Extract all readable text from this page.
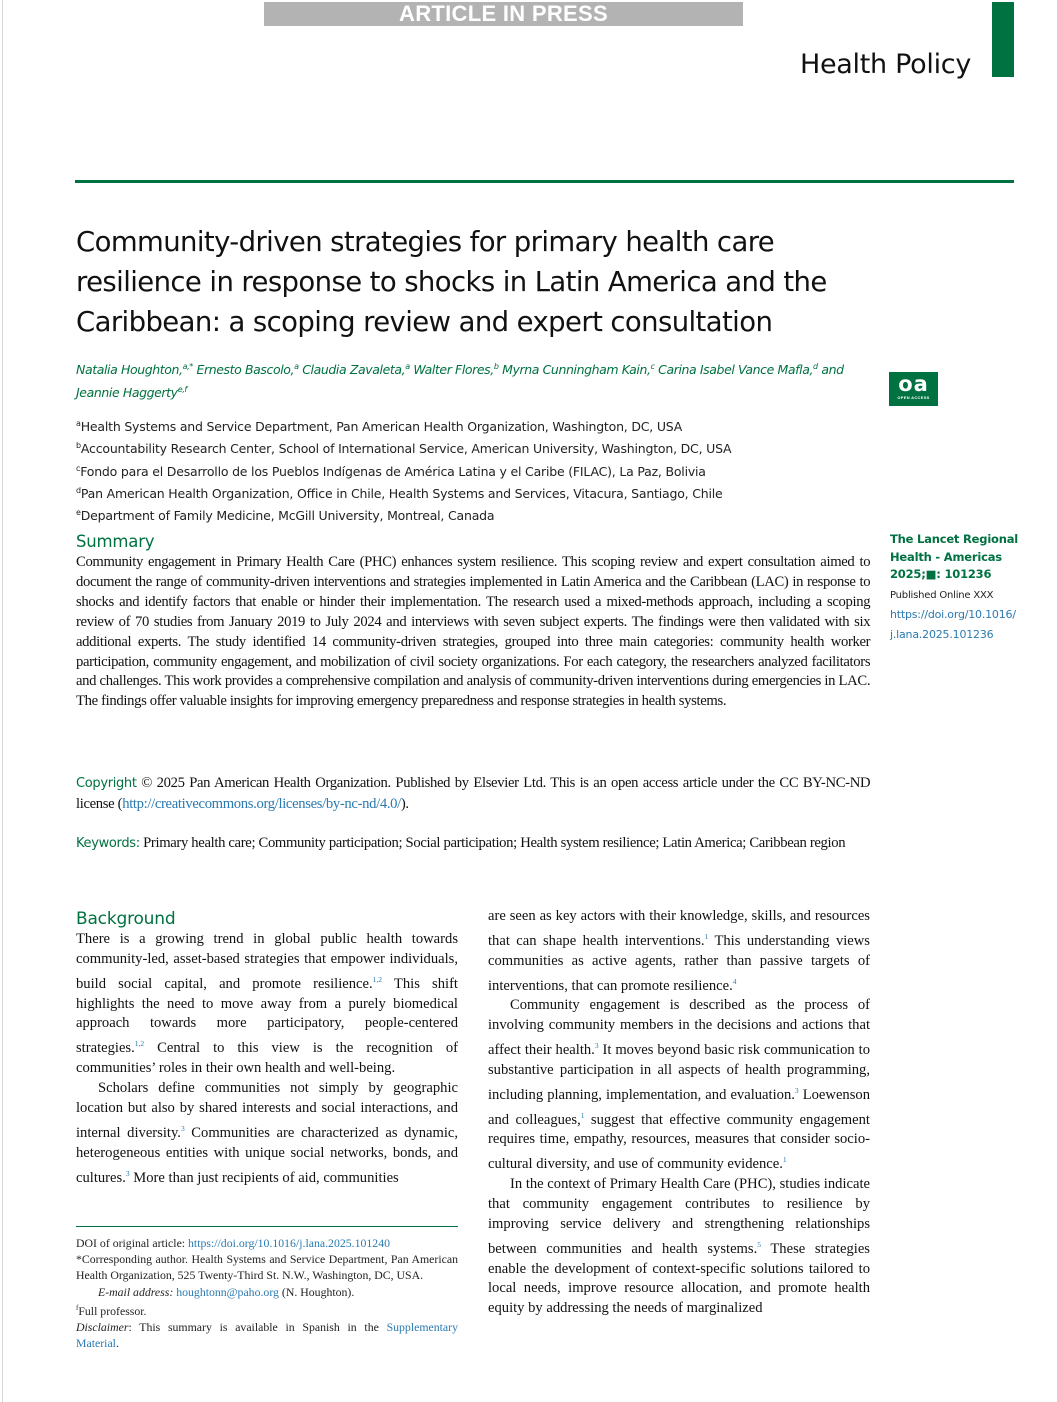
ARTICLE IN PRESS
Health Policy
Community-driven strategies for primary health care resilience in response to shocks in Latin America and the Caribbean: a scoping review and expert consultation
Natalia Houghton,$^{a,*}$ Ernesto Bascolo,$^a$ Claudia Zavaleta,$^a$ Walter Flores,$^b$ Myrna Cunningham Kain,$^c$ Carina Isabel Vance Mafla,$^d$ and
Jeannie Haggerty$^{e,f}$
$^a$Health Systems and Service Department, Pan American Health Organization, Washington, DC, USA
$^b$Accountability Research Center, School of International Service, American University, Washington, DC, USA
$^c$Fondo para el Desarrollo de los Pueblos Indígenas de América Latina y el Caribe (FILAC), La Paz, Bolivia
$^d$Pan American Health Organization, Office in Chile, Health Systems and Services, Vitacura, Santiago, Chile
$^e$Department of Family Medicine, McGill University, Montreal, Canada
oa
OPEN ACCESS
The Lancet Regional
Health - Americas
2025;■: 101236
Published Online XXX
https://doi.org/10.1016/j.lana.2025.101236
Summary

Community engagement in Primary Health Care (PHC) enhances system resilience. This scoping review and expert consultation aimed to document the range of community-driven interventions and strategies implemented in Latin America and the Caribbean (LAC) in response to shocks and identify factors that enable or hinder their implementation. The research used a mixed-methods approach, including a scoping review of 70 studies from January 2019 to July 2024 and interviews with seven subject experts. The findings were then validated with six additional experts. The study identified 14 community-driven strategies, grouped into three main categories: community health worker participation, community engagement, and mobilization of civil society organizations. For each category, the researchers analyzed facilitators and challenges. This work provides a comprehensive compilation and analysis of community-driven interventions during emergencies in LAC. The findings offer valuable insights for improving emergency preparedness and response strategies in health systems.

Copyright © 2025 Pan American Health Organization. Published by Elsevier Ltd. This is an open access article under the CC BY-NC-ND license (http://creativecommons.org/licenses/by-nc-nd/4.0/).
Keywords: Primary health care; Community participation; Social participation; Health system resilience; Latin America; Caribbean region
Background

There is a growing trend in global public health towards community-led, asset-based strategies that empower individuals, build social capital, and promote resilience.$^{1,2}$ This shift highlights the need to move away from a purely biomedical approach towards more participatory, people-centered strategies.$^{1,2}$ Central to this view is the recognition of communities’ roles in their own health and well-being.

Scholars define communities not simply by geographic location but also by shared interests and social interactions, and internal diversity.$^3$ Communities are characterized as dynamic, heterogeneous entities with unique social networks, bonds, and cultures.$^3$ More than just recipients of aid, communities

are seen as key actors with their knowledge, skills, and resources that can shape health interventions.$^1$ This understanding views communities as active agents, rather than passive targets of interventions, that can promote resilience.$^4$

Community engagement is described as the process of involving community members in the decisions and actions that affect their health.$^3$ It moves beyond basic risk communication to substantive participation in all aspects of health programming, including planning, implementation, and evaluation.$^3$ Loewenson and colleagues,$^1$ suggest that effective community engagement requires time, empathy, resources, measures that consider socio-cultural diversity, and use of community evidence.$^1$

In the context of Primary Health Care (PHC), studies indicate that community engagement contributes to resilience by improving service delivery and strengthening relationships between communities and health systems.$^5$ These strategies enable the development of context-specific solutions tailored to local needs, improve resource allocation, and promote health equity by addressing the needs of marginalized

DOI of original article: https://doi.org/10.1016/j.lana.2025.101240

*Corresponding author. Health Systems and Service Department, Pan American Health Organization, 525 Twenty-Third St. N.W., Washington, DC, USA.

E-mail address: houghtonn@paho.org (N. Houghton).

$^f$Full professor.

Disclaimer: This summary is available in Spanish in the Supplementary Material.
